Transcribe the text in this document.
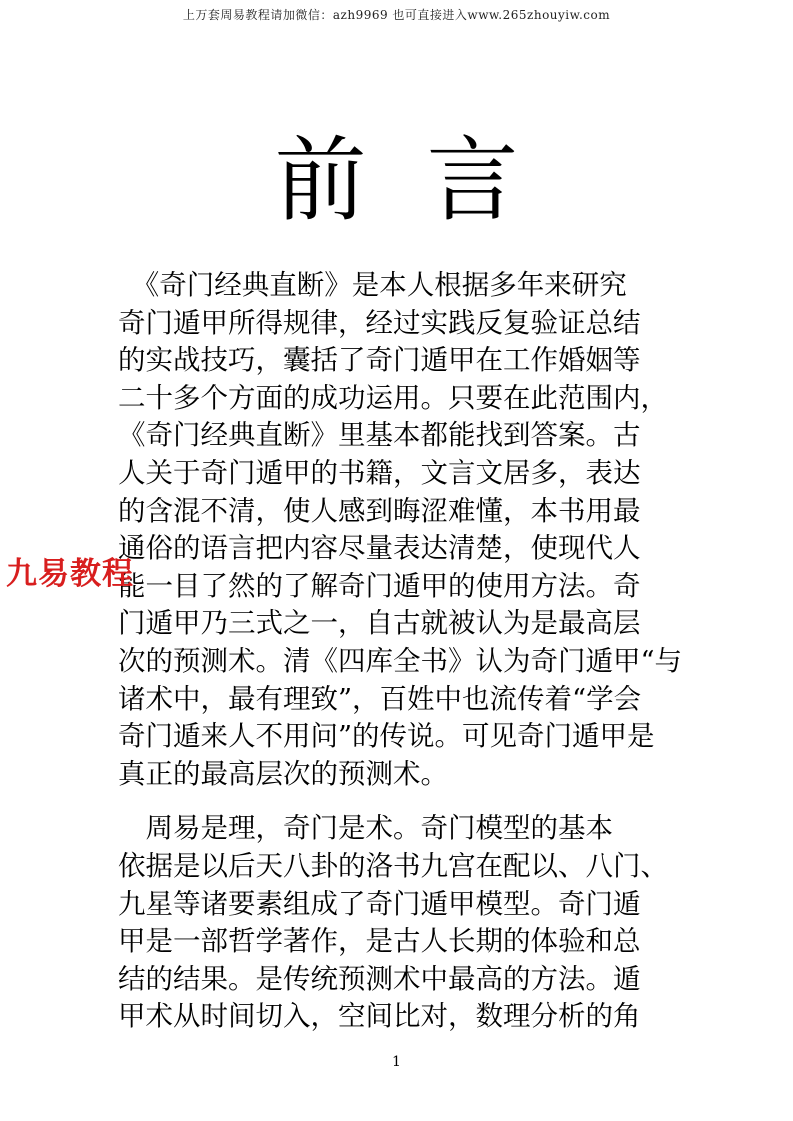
上万套周易教程请加微信：azh9969 也可直接进入www.265zhouyiw.com
前言
　《奇门经典直断》是本人根据多年来研究
奇门遁甲所得规律，经过实践反复验证总结
的实战技巧，囊括了奇门遁甲在工作婚姻等
二十多个方面的成功运用。只要在此范围内，
《奇门经典直断》里基本都能找到答案。古
人关于奇门遁甲的书籍，文言文居多，表达
的含混不清，使人感到晦涩难懂，本书用最
通俗的语言把内容尽量表达清楚，使现代人
能一目了然的了解奇门遁甲的使用方法。奇
门遁甲乃三式之一，自古就被认为是最高层
次的预测术。清《四库全书》认为奇门遁甲“与
诸术中，最有理致”，百姓中也流传着“学会
奇门遁来人不用问”的传说。可见奇门遁甲是
真正的最高层次的预测术。
　周易是理，奇门是术。奇门模型的基本
依据是以后天八卦的洛书九宫在配以、八门、
九星等诸要素组成了奇门遁甲模型。奇门遁
甲是一部哲学著作，是古人长期的体验和总
结的结果。是传统预测术中最高的方法。遁
甲术从时间切入，空间比对，数理分析的角
九易教程
1
